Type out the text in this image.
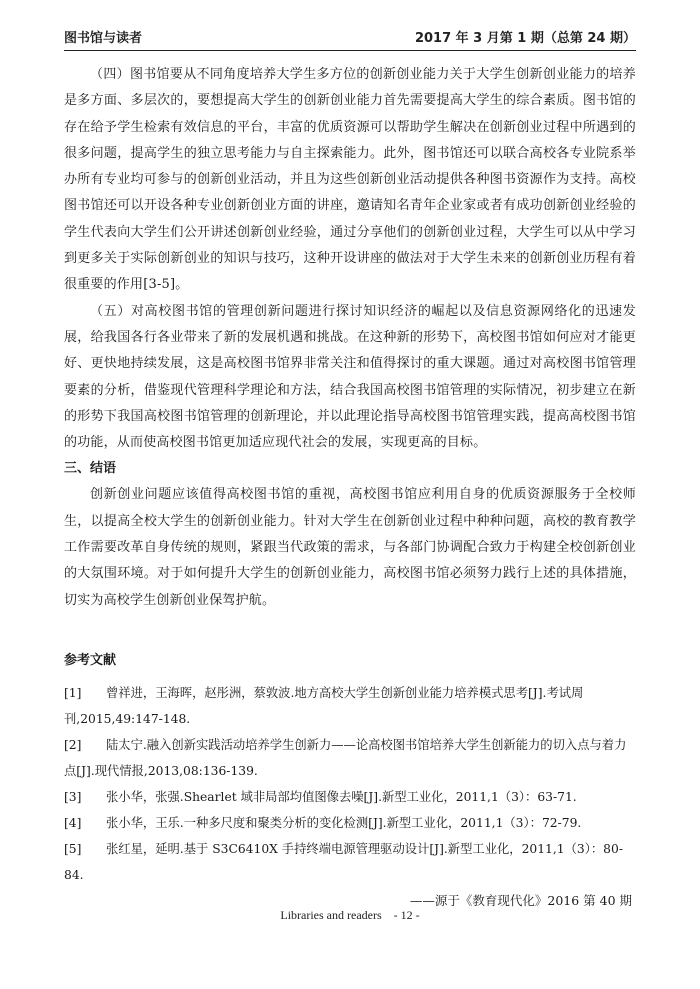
图书馆与读者	2017 年 3 月第 1 期（总第 24 期）

（四）图书馆要从不同角度培养大学生多方位的创新创业能力关于大学生创新创业能力的培养是多方面、多层次的，要想提高大学生的创新创业能力首先需要提高大学生的综合素质。图书馆的存在给予学生检索有效信息的平台，丰富的优质资源可以帮助学生解决在创新创业过程中所遇到的很多问题，提高学生的独立思考能力与自主探索能力。此外，图书馆还可以联合高校各专业院系举办所有专业均可参与的创新创业活动，并且为这些创新创业活动提供各种图书资源作为支持。高校图书馆还可以开设各种专业创新创业方面的讲座，邀请知名青年企业家或者有成功创新创业经验的学生代表向大学生们公开讲述创新创业经验，通过分享他们的创新创业过程，大学生可以从中学习到更多关于实际创新创业的知识与技巧，这种开设讲座的做法对于大学生未来的创新创业历程有着很重要的作用[3-5]。

（五）对高校图书馆的管理创新问题进行探讨知识经济的崛起以及信息资源网络化的迅速发展，给我国各行各业带来了新的发展机遇和挑战。在这种新的形势下，高校图书馆如何应对才能更好、更快地持续发展，这是高校图书馆界非常关注和值得探讨的重大课题。通过对高校图书馆管理要素的分析，借鉴现代管理科学理论和方法，结合我国高校图书馆管理的实际情况，初步建立在新的形势下我国高校图书馆管理的创新理论，并以此理论指导高校图书馆管理实践，提高高校图书馆的功能，从而使高校图书馆更加适应现代社会的发展，实现更高的目标。

三、结语

创新创业问题应该值得高校图书馆的重视，高校图书馆应利用自身的优质资源服务于全校师生，以提高全校大学生的创新创业能力。针对大学生在创新创业过程中种种问题，高校的教育教学工作需要改革自身传统的规则，紧跟当代政策的需求，与各部门协调配合致力于构建全校创新创业的大氛围环境。对于如何提升大学生的创新创业能力，高校图书馆必须努力践行上述的具体措施，切实为高校学生创新创业保驾护航。

参考文献

[1] 曾祥进，王海晖，赵彤洲，蔡敦波.地方高校大学生创新创业能力培养模式思考[J].考试周

刊,2015,49:147-148.

[2] 陆太宁.融入创新实践活动培养学生创新力——论高校图书馆培养大学生创新能力的切入点与着力

点[J].现代情报,2013,08:136-139.

[3] 张小华，张强.Shearlet 域非局部均值图像去噪[J].新型工业化，2011,1（3）：63-71.

[4] 张小华，王乐.一种多尺度和聚类分析的变化检测[J].新型工业化，2011,1（3）：72-79.

[5] 张红星，延明.基于 S3C6410X 手持终端电源管理驱动设计[J].新型工业化，2011,1（3）：80-84.

——源于《教育现代化》2016 第 40 期

Libraries and readers　- 12 -
